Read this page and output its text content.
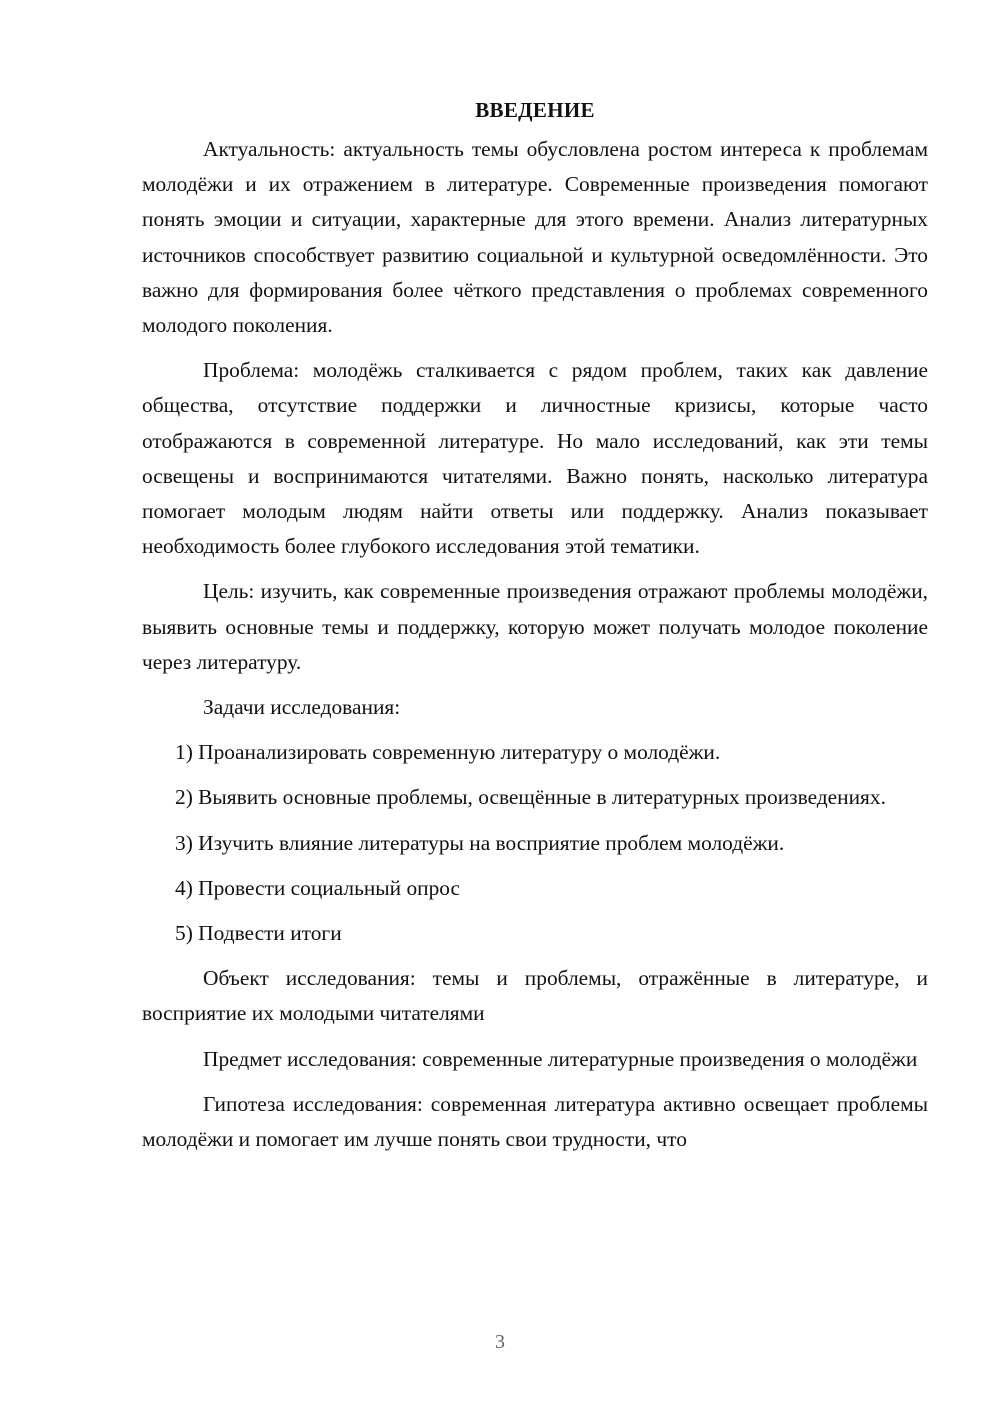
ВВЕДЕНИЕ

Актуальность: актуальность темы обусловлена ростом интереса к проблемам молодёжи и их отражением в литературе. Современные произведения помогают понять эмоции и ситуации, характерные для этого времени. Анализ литературных источников способствует развитию социальной и культурной осведомлённости. Это важно для формирования более чёткого представления о проблемах современного молодого поколения.

Проблема: молодёжь сталкивается с рядом проблем, таких как давление общества, отсутствие поддержки и личностные кризисы, которые часто отображаются в современной литературе. Но мало исследований, как эти темы освещены и воспринимаются читателями. Важно понять, насколько литература помогает молодым людям найти ответы или поддержку. Анализ показывает необходимость более глубокого исследования этой тематики.

Цель: изучить, как современные произведения отражают проблемы молодёжи, выявить основные темы и поддержку, которую может получать молодое поколение через литературу.

Задачи исследования:

1) Проанализировать современную литературу о молодёжи.

2) Выявить основные проблемы, освещённые в литературных произведениях.

3) Изучить влияние литературы на восприятие проблем молодёжи.

4) Провести социальный опрос

5) Подвести итоги

Объект исследования: темы и проблемы, отражённые в литературе, и восприятие их молодыми читателями

Предмет исследования: современные литературные произведения о молодёжи

Гипотеза исследования: современная литература активно освещает проблемы молодёжи и помогает им лучше понять свои трудности, что

3
